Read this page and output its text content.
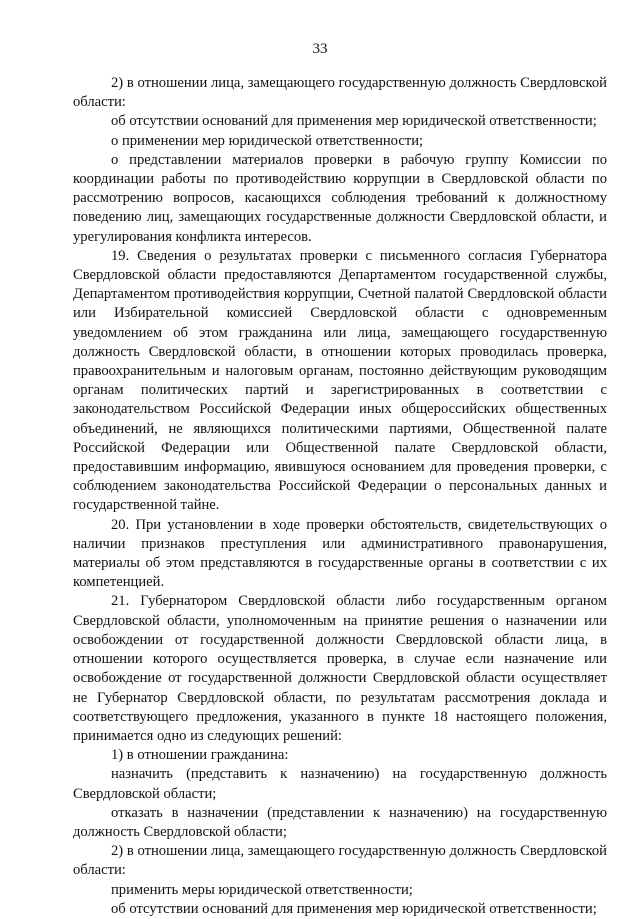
33

2) в отношении лица, замещающего государственную должность Свердловской области:

об отсутствии оснований для применения мер юридической ответственности;

о применении мер юридической ответственности;

о представлении материалов проверки в рабочую группу Комиссии по координации работы по противодействию коррупции в Свердловской области по рассмотрению вопросов, касающихся соблюдения требований к должностному поведению лиц, замещающих государственные должности Свердловской области, и урегулирования конфликта интересов.

19. Сведения о результатах проверки с письменного согласия Губернатора Свердловской области предоставляются Департаментом государственной службы, Департаментом противодействия коррупции, Счетной палатой Свердловской области или Избирательной комиссией Свердловской области с одновременным уведомлением об этом гражданина или лица, замещающего государственную должность Свердловской области, в отношении которых проводилась проверка, правоохранительным и налоговым органам, постоянно действующим руководящим органам политических партий и зарегистрированных в соответствии с законодательством Российской Федерации иных общероссийских общественных объединений, не являющихся политическими партиями, Общественной палате Российской Федерации или Общественной палате Свердловской области, предоставившим информацию, явившуюся основанием для проведения проверки, с соблюдением законодательства Российской Федерации о персональных данных и государственной тайне.

20. При установлении в ходе проверки обстоятельств, свидетельствующих о наличии признаков преступления или административного правонарушения, материалы об этом представляются в государственные органы в соответствии с их компетенцией.

21. Губернатором Свердловской области либо государственным органом Свердловской области, уполномоченным на принятие решения о назначении или освобождении от государственной должности Свердловской области лица, в отношении которого осуществляется проверка, в случае если назначение или освобождение от государственной должности Свердловской области осуществляет не Губернатор Свердловской области, по результатам рассмотрения доклада и соответствующего предложения, указанного в пункте 18 настоящего положения, принимается одно из следующих решений:

1) в отношении гражданина:

назначить (представить к назначению) на государственную должность Свердловской области;

отказать в назначении (представлении к назначению) на государственную должность Свердловской области;

2) в отношении лица, замещающего государственную должность Свердловской области:

применить меры юридической ответственности;

об отсутствии оснований для применения мер юридической ответственности;
